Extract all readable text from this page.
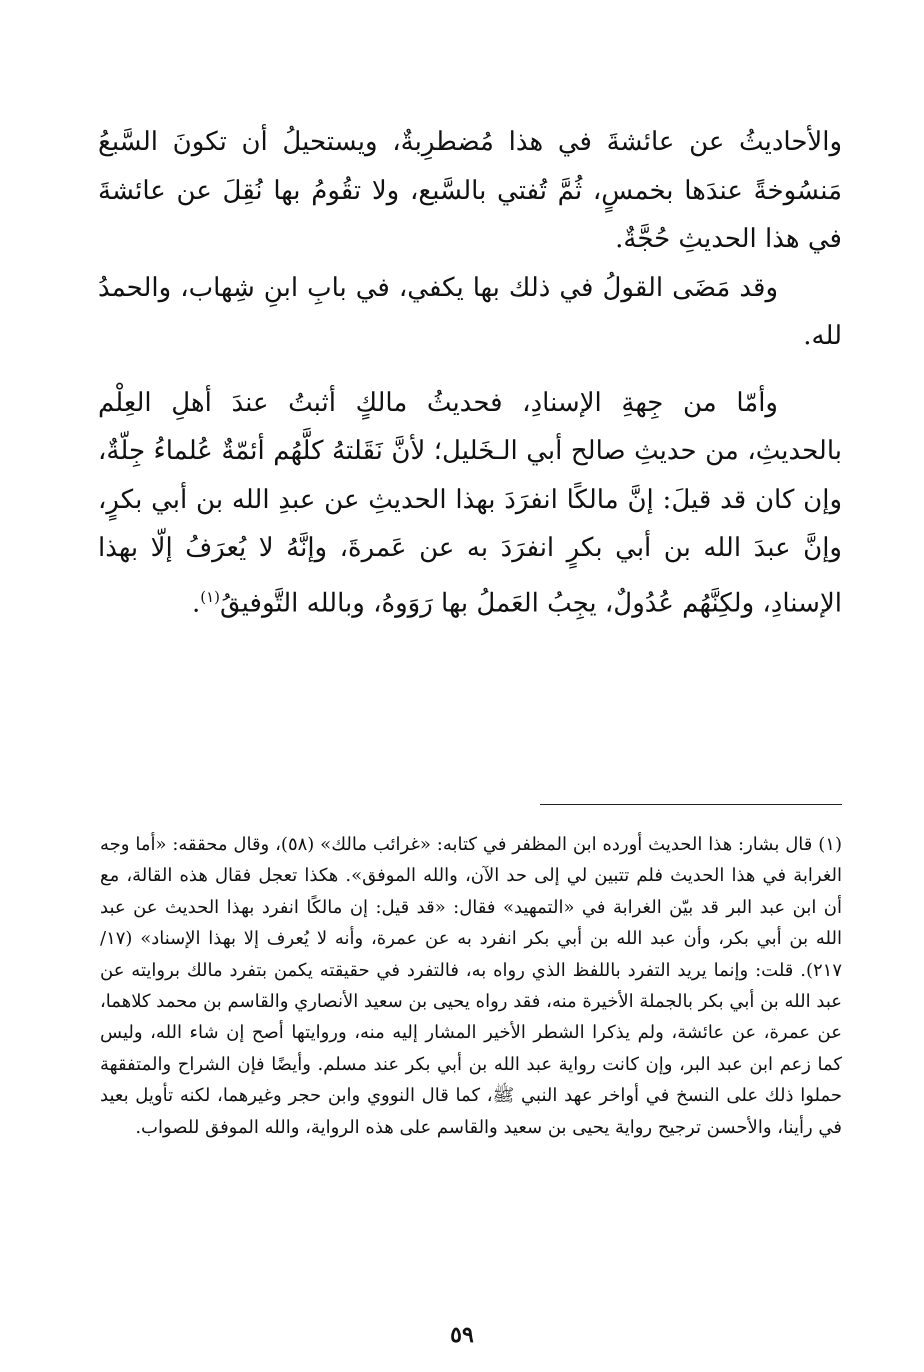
والأحاديثُ عن عائشةَ في هذا مُضطرِبةٌ، ويستحيلُ أن تكونَ السَّبعُ مَنسُوخةً عندَها بخمسٍ، ثُمَّ تُفتي بالسَّبع، ولا تقُومُ بها نُقِلَ عن عائشةَ في هذا الحديثِ حُجَّةٌ.

وقد مَضَى القولُ في ذلك بها يكفي، في بابِ ابنِ شِهاب، والحمدُ لله.

وأمّا من جِهةِ الإسنادِ، فحديثُ مالكٍ أثبتُ عندَ أهلِ العِلْم بالحديثِ، من حديثِ صالح أبي الـخَليل؛ لأنَّ نَقَلتهُ كلَّهُم أئمّةٌ عُلماءُ جِلّةٌ، وإن كان قد قيلَ: إنَّ مالكًا انفرَدَ بهذا الحديثِ عن عبدِ الله بن أبي بكرٍ، وإنَّ عبدَ الله بن أبي بكرٍ انفرَدَ به عن عَمرةَ، وإنَّهُ لا يُعرَفُ إلّا بهذا الإسنادِ، ولكِنَّهُم عُدُولٌ، يجِبُ العَملُ بها رَوَوهُ، وبالله التَّوفيقُ$^{(١)}$.

(١) قال بشار: هذا الحديث أورده ابن المظفر في كتابه: «غرائب مالك» (٥٨)، وقال محققه: «أما وجه الغرابة في هذا الحديث فلم تتبين لي إلى حد الآن، والله الموفق». هكذا تعجل فقال هذه القالة، مع أن ابن عبد البر قد بيّن الغرابة في «التمهيد» فقال: «قد قيل: إن مالكًا انفرد بهذا الحديث عن عبد الله بن أبي بكر، وأن عبد الله بن أبي بكر انفرد به عن عمرة، وأنه لا يُعرف إلا بهذا الإسناد» (١٧/ ٢١٧). قلت: وإنما يريد التفرد باللفظ الذي رواه به، فالتفرد في حقيقته يكمن بتفرد مالك بروايته عن عبد الله بن أبي بكر بالجملة الأخيرة منه، فقد رواه يحيى بن سعيد الأنصاري والقاسم بن محمد كلاهما، عن عمرة، عن عائشة، ولم يذكرا الشطر الأخير المشار إليه منه، وروايتها أصح إن شاء الله، وليس كما زعم ابن عبد البر، وإن كانت رواية عبد الله بن أبي بكر عند مسلم. وأيضًا فإن الشراح والمتفقهة حملوا ذلك على النسخ في أواخر عهد النبي ﷺ، كما قال النووي وابن حجر وغيرهما، لكنه تأويل بعيد في رأينا، والأحسن ترجيح رواية يحيى بن سعيد والقاسم على هذه الرواية، والله الموفق للصواب.

٥٩
